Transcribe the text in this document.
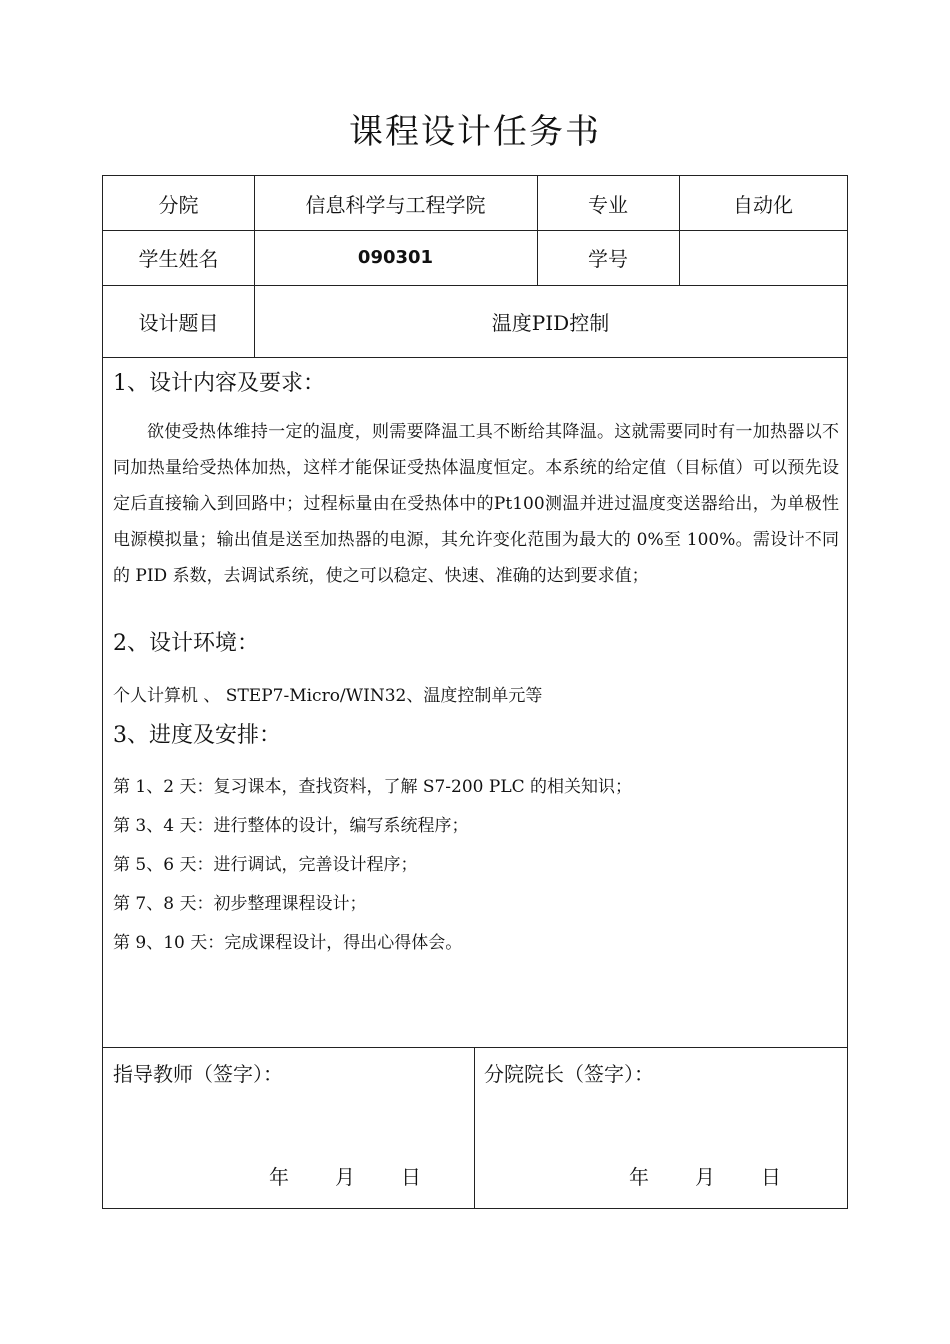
课程设计任务书
分院	信息科学与工程学院	专业	自动化
学生姓名	090301	学号
设计题目	温度PID控制
1、设计内容及要求：
欲使受热体维持一定的温度，则需要降温工具不断给其降温。这就需要同时有一加热器以不同加热量给受热体加热，这样才能保证受热体温度恒定。本系统的给定值（目标值）可以预先设定后直接输入到回路中；过程标量由在受热体中的Pt100测温并进过温度变送器给出，为单极性电源模拟量；输出值是送至加热器的电源，其允许变化范围为最大的 0%至 100%。需设计不同的 PID 系数，去调试系统，使之可以稳定、快速、准确的达到要求值；
2、设计环境：
个人计算机 、 STEP7-Micro/WIN32、温度控制单元等
3、进度及安排：
第 1、2 天：复习课本，查找资料，了解 S7-200 PLC 的相关知识；
第 3、4 天：进行整体的设计，编写系统程序；
第 5、6 天：进行调试，完善设计程序；
第 7、8 天：初步整理课程设计；
第 9、10 天：完成课程设计，得出心得体会。
指导教师（签字）：
年 月 日
分院院长（签字）：
年 月 日
